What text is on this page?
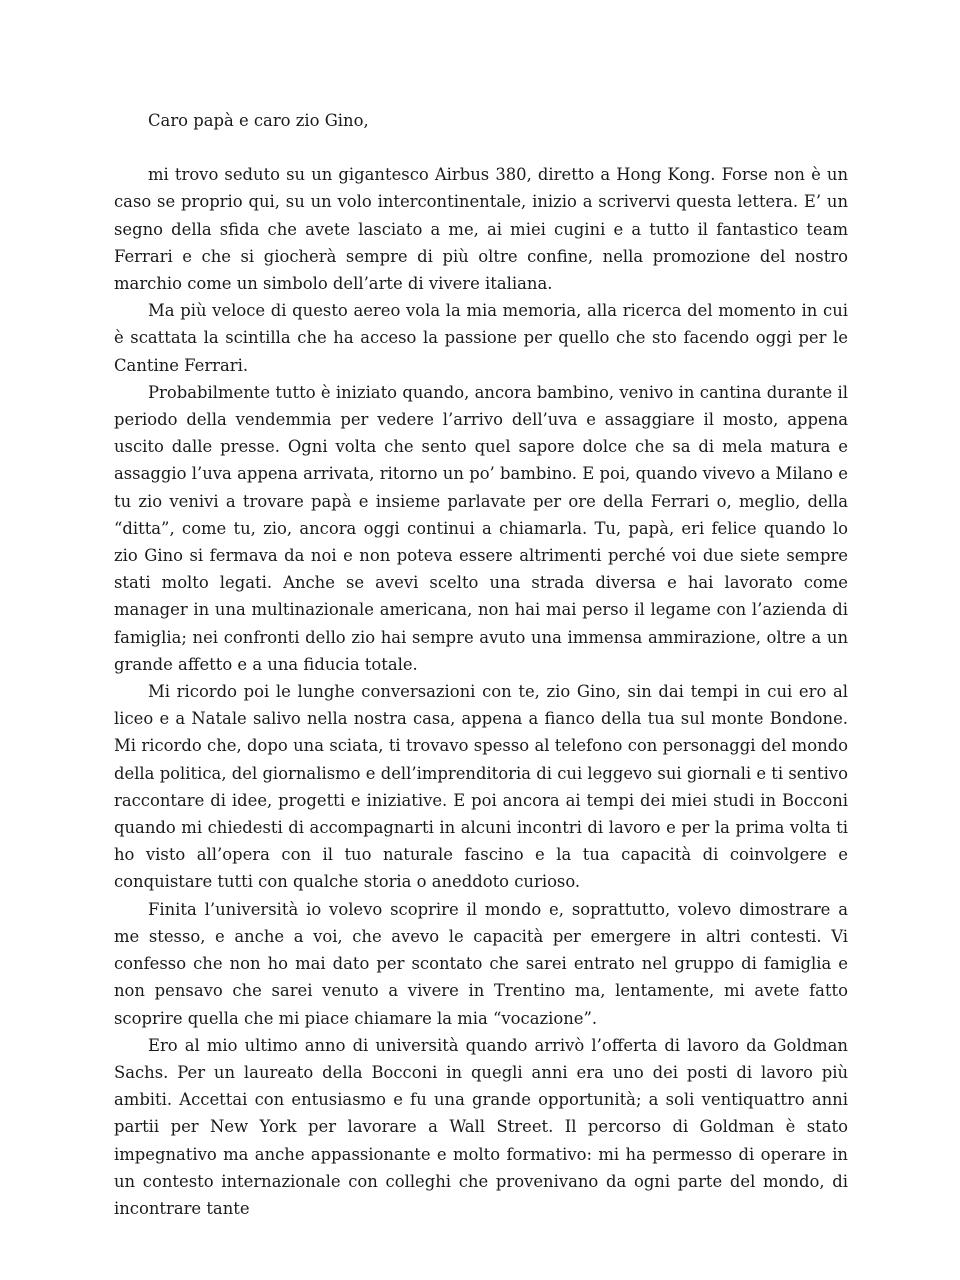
Caro papà e caro zio Gino,

mi trovo seduto su un gigantesco Airbus 380, diretto a Hong Kong. Forse non è un caso se proprio qui, su un volo intercontinentale, inizio a scrivervi questa lettera. E’ un segno della sfida che avete lasciato a me, ai miei cugini e a tutto il fantastico team Ferrari e che si giocherà sempre di più oltre confine, nella promozione del nostro marchio come un simbolo dell’arte di vivere italiana.

Ma più veloce di questo aereo vola la mia memoria, alla ricerca del momento in cui è scattata la scintilla che ha acceso la passione per quello che sto facendo oggi per le Cantine Ferrari.

Probabilmente tutto è iniziato quando, ancora bambino, venivo in cantina durante il periodo della vendemmia per vedere l’arrivo dell’uva e assaggiare il mosto, appena uscito dalle presse. Ogni volta che sento quel sapore dolce che sa di mela matura e assaggio l’uva appena arrivata, ritorno un po’ bambino. E poi, quando vivevo a Milano e tu zio venivi a trovare papà e insieme parlavate per ore della Ferrari o, meglio, della “ditta”, come tu, zio, ancora oggi continui a chiamarla. Tu, papà, eri felice quando lo zio Gino si fermava da noi e non poteva essere altrimenti perché voi due siete sempre stati molto legati. Anche se avevi scelto una strada diversa e hai lavorato come manager in una multinazionale americana, non hai mai perso il legame con l’azienda di famiglia; nei confronti dello zio hai sempre avuto una immensa ammirazione, oltre a un grande affetto e a una fiducia totale.

Mi ricordo poi le lunghe conversazioni con te, zio Gino, sin dai tempi in cui ero al liceo e a Natale salivo nella nostra casa, appena a fianco della tua sul monte Bondone. Mi ricordo che, dopo una sciata, ti trovavo spesso al telefono con personaggi del mondo della politica, del giornalismo e dell’imprenditoria di cui leggevo sui giornali e ti sentivo raccontare di idee, progetti e iniziative. E poi ancora ai tempi dei miei studi in Bocconi quando mi chiedesti di accompagnarti in alcuni incontri di lavoro e per la prima volta ti ho visto all’opera con il tuo naturale fascino e la tua capacità di coinvolgere e conquistare tutti con qualche storia o aneddoto curioso.

Finita l’università io volevo scoprire il mondo e, soprattutto, volevo dimostrare a me stesso, e anche a voi, che avevo le capacità per emergere in altri contesti. Vi confesso che non ho mai dato per scontato che sarei entrato nel gruppo di famiglia e non pensavo che sarei venuto a vivere in Trentino ma, lentamente, mi avete fatto scoprire quella che mi piace chiamare la mia “vocazione”.

Ero al mio ultimo anno di università quando arrivò l’offerta di lavoro da Goldman Sachs. Per un laureato della Bocconi in quegli anni era uno dei posti di lavoro più ambiti. Accettai con entusiasmo e fu una grande opportunità; a soli ventiquattro anni partii per New York per lavorare a Wall Street. Il percorso di Goldman è stato impegnativo ma anche appassionante e molto formativo: mi ha permesso di operare in un contesto internazionale con colleghi che provenivano da ogni parte del mondo, di incontrare tante
